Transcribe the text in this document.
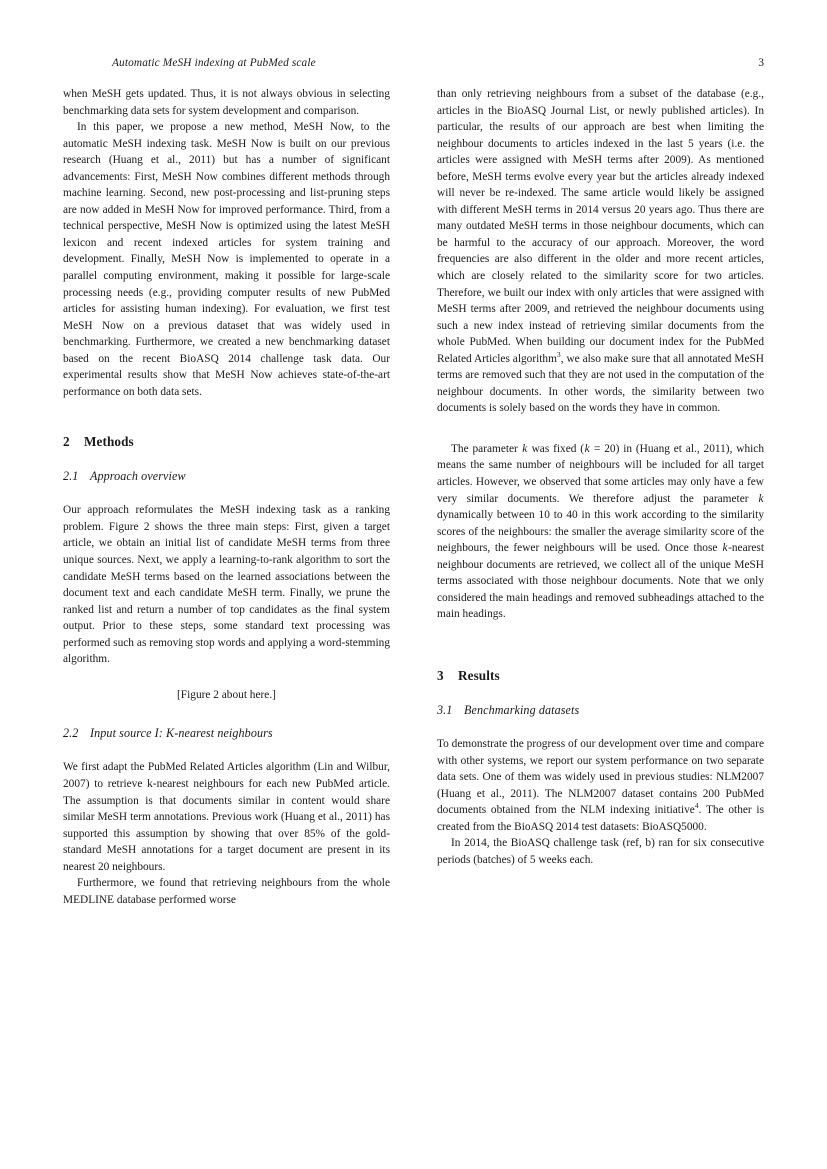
Automatic MeSH indexing at PubMed scale	3

when MeSH gets updated. Thus, it is not always obvious in selecting benchmarking data sets for system development and comparison.

In this paper, we propose a new method, MeSH Now, to the automatic MeSH indexing task. MeSH Now is built on our previous research (Huang et al., 2011) but has a number of significant advancements: First, MeSH Now combines different methods through machine learning. Second, new post-processing and list-pruning steps are now added in MeSH Now for improved performance. Third, from a technical perspective, MeSH Now is optimized using the latest MeSH lexicon and recent indexed articles for system training and development. Finally, MeSH Now is implemented to operate in a parallel computing environment, making it possible for large-scale processing needs (e.g., providing computer results of new PubMed articles for assisting human indexing). For evaluation, we first test MeSH Now on a previous dataset that was widely used in benchmarking. Furthermore, we created a new benchmarking dataset based on the recent BioASQ 2014 challenge task data. Our experimental results show that MeSH Now achieves state-of-the-art performance on both data sets.

2 Methods
2.1 Approach overview

Our approach reformulates the MeSH indexing task as a ranking problem. Figure 2 shows the three main steps: First, given a target article, we obtain an initial list of candidate MeSH terms from three unique sources. Next, we apply a learning-to-rank algorithm to sort the candidate MeSH terms based on the learned associations between the document text and each candidate MeSH term. Finally, we prune the ranked list and return a number of top candidates as the final system output. Prior to these steps, some standard text processing was performed such as removing stop words and applying a word-stemming algorithm.

[Figure 2 about here.]

2.2 Input source I: K-nearest neighbours

We first adapt the PubMed Related Articles algorithm (Lin and Wilbur, 2007) to retrieve k-nearest neighbours for each new PubMed article. The assumption is that documents similar in content would share similar MeSH term annotations. Previous work (Huang et al., 2011) has supported this assumption by showing that over 85% of the gold-standard MeSH annotations for a target document are present in its nearest 20 neighbours.

Furthermore, we found that retrieving neighbours from the whole MEDLINE database performed worse

than only retrieving neighbours from a subset of the database (e.g., articles in the BioASQ Journal List, or newly published articles). In particular, the results of our approach are best when limiting the neighbour documents to articles indexed in the last 5 years (i.e. the articles were assigned with MeSH terms after 2009). As mentioned before, MeSH terms evolve every year but the articles already indexed will never be re-indexed. The same article would likely be assigned with different MeSH terms in 2014 versus 20 years ago. Thus there are many outdated MeSH terms in those neighbour documents, which can be harmful to the accuracy of our approach. Moreover, the word frequencies are also different in the older and more recent articles, which are closely related to the similarity score for two articles. Therefore, we built our index with only articles that were assigned with MeSH terms after 2009, and retrieved the neighbour documents using such a new index instead of retrieving similar documents from the whole PubMed. When building our document index for the PubMed Related Articles algorithm$^3$, we also make sure that all annotated MeSH terms are removed such that they are not used in the computation of the neighbour documents. In other words, the similarity between two documents is solely based on the words they have in common.

The parameter k was fixed (k = 20) in (Huang et al., 2011), which means the same number of neighbours will be included for all target articles. However, we observed that some articles may only have a few very similar documents. We therefore adjust the parameter k dynamically between 10 to 40 in this work according to the similarity scores of the neighbours: the smaller the average similarity score of the neighbours, the fewer neighbours will be used. Once those k-nearest neighbour documents are retrieved, we collect all of the unique MeSH terms associated with those neighbour documents. Note that we only considered the main headings and removed subheadings attached to the main headings.

3 Results
3.1 Benchmarking datasets

To demonstrate the progress of our development over time and compare with other systems, we report our system performance on two separate data sets. One of them was widely used in previous studies: NLM2007 (Huang et al., 2011). The NLM2007 dataset contains 200 PubMed documents obtained from the NLM indexing initiative$^4$. The other is created from the BioASQ 2014 test datasets: BioASQ5000.

In 2014, the BioASQ challenge task (ref, b) ran for six consecutive periods (batches) of 5 weeks each.
